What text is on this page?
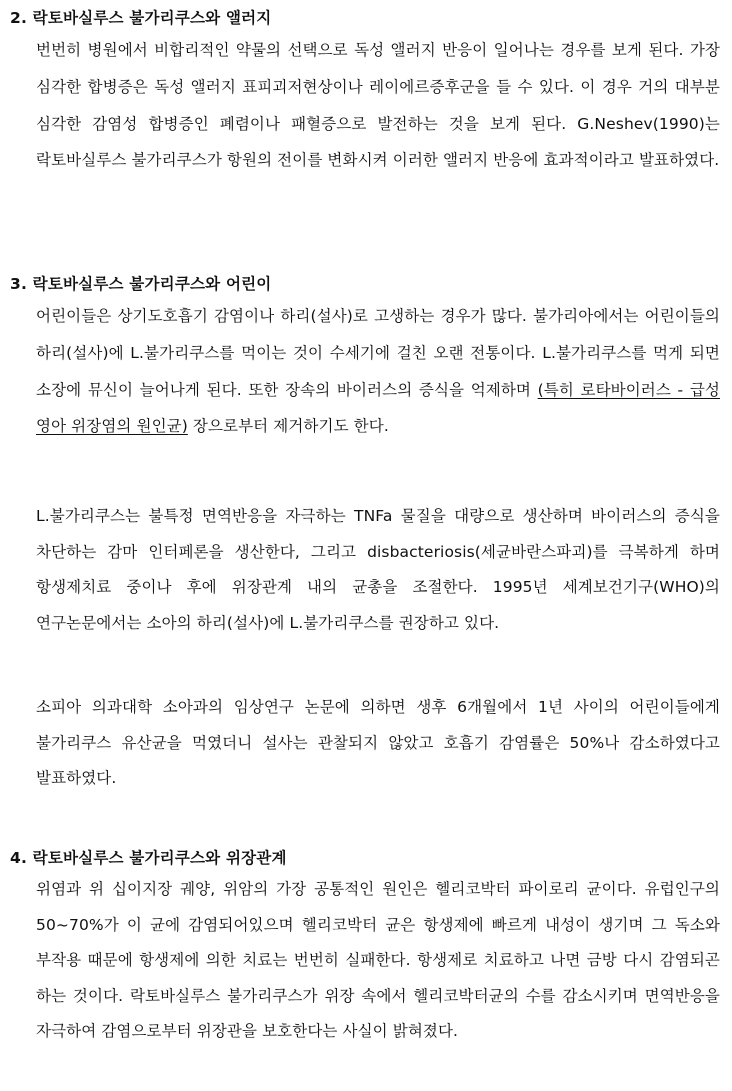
2. 락토바실루스 불가리쿠스와 앨러지
번번히 병원에서 비합리적인 약물의 선택으로 독성 앨러지 반응이 일어나는 경우를 보게 된다. 가장 심각한 합병증은 독성 앨러지 표피괴저현상이나 레이에르증후군을 들 수 있다. 이 경우 거의 대부분 심각한 감염성 합병증인 폐렴이나 패혈증으로 발전하는 것을 보게 된다. G.Neshev(1990)는 락토바실루스 불가리쿠스가 항원의 전이를 변화시켜 이러한 앨러지 반응에 효과적이라고 발표하였다.
3. 락토바실루스 불가리쿠스와 어린이
어린이들은 상기도호흡기 감염이나 하리(설사)로 고생하는 경우가 많다. 불가리아에서는 어린이들의 하리(설사)에 L.불가리쿠스를 먹이는 것이 수세기에 걸친 오랜 전통이다. L.불가리쿠스를 먹게 되면 소장에 뮤신이 늘어나게 된다. 또한 장속의 바이러스의 증식을 억제하며 (특히 로타바이러스 - 급성 영아 위장염의 원인균) 장으로부터 제거하기도 한다.
L.불가리쿠스는 불특정 면역반응을 자극하는 TNFa 물질을 대량으로 생산하며 바이러스의 증식을 차단하는 감마 인터페론을 생산한다, 그리고 disbacteriosis(세균바란스파괴)를 극복하게 하며 항생제치료 중이나 후에 위장관계 내의 균총을 조절한다. 1995년 세계보건기구(WHO)의 연구논문에서는 소아의 하리(설사)에 L.불가리쿠스를 권장하고 있다.
소피아 의과대학 소아과의 임상연구 논문에 의하면 생후 6개월에서 1년 사이의 어린이들에게 불가리쿠스 유산균을 먹였더니 설사는 관찰되지 않았고 호흡기 감염률은 50%나 감소하였다고 발표하였다.
4. 락토바실루스 불가리쿠스와 위장관계
위염과 위 십이지장 궤양, 위암의 가장 공통적인 원인은 헬리코박터 파이로리 균이다. 유럽인구의 50~70%가 이 균에 감염되어있으며 헬리코박터 균은 항생제에 빠르게 내성이 생기며 그 독소와 부작용 때문에 항생제에 의한 치료는 번번히 실패한다. 항생제로 치료하고 나면 금방 다시 감염되곤 하는 것이다. 락토바실루스 불가리쿠스가 위장 속에서 헬리코박터균의 수를 감소시키며 면역반응을 자극하여 감염으로부터 위장관을 보호한다는 사실이 밝혀졌다.
